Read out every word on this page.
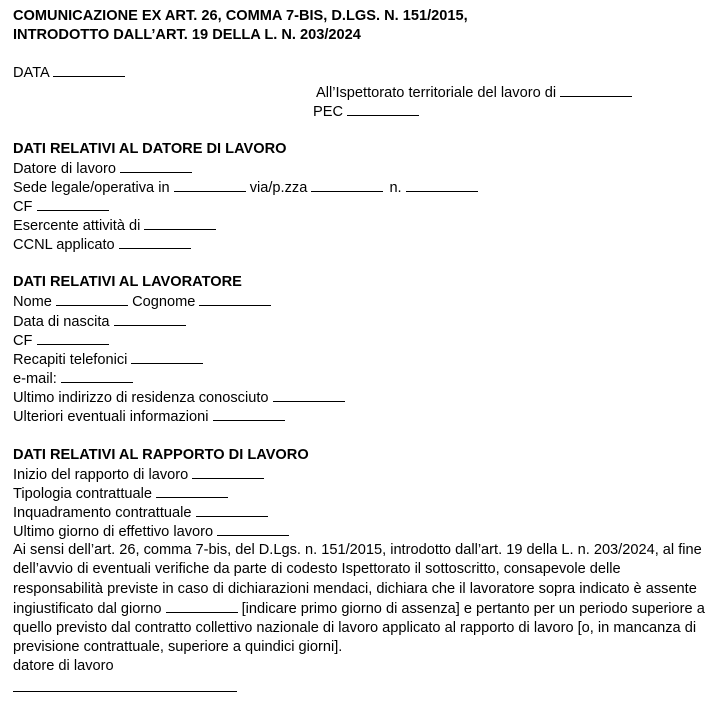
COMUNICAZIONE EX ART. 26, COMMA 7-BIS, D.LGS. N. 151/2015,
INTRODOTTO DALL’ART. 19 DELLA L. N. 203/2024
DATA
All’Ispettorato territoriale del lavoro di
PEC
DATI RELATIVI AL DATORE DI LAVORO
Datore di lavoro
Sede legale/operativa in	via/p.zza	n.
CF
Esercente attività di
CCNL applicato
DATI RELATIVI AL LAVORATORE
Nome	Cognome
Data di nascita
CF
Recapiti telefonici
e-mail:
Ultimo indirizzo di residenza conosciuto
Ulteriori eventuali informazioni
DATI RELATIVI AL RAPPORTO DI LAVORO
Inizio del rapporto di lavoro
Tipologia contrattuale
Inquadramento contrattuale
Ultimo giorno di effettivo lavoro
Ai sensi dell’art. 26, comma 7-bis, del D.Lgs. n. 151/2015, introdotto dall’art. 19 della L. n. 203/2024, al fine dell’avvio di eventuali verifiche da parte di codesto Ispettorato il sottoscritto, consapevole delle responsabilità previste in caso di dichiarazioni mendaci, dichiara che il lavoratore sopra indicato è assente ingiustificato dal giorno	[indicare primo giorno di assenza] e pertanto per un periodo superiore a quello previsto dal contratto collettivo nazionale di lavoro applicato al rapporto di lavoro [o, in mancanza di previsione contrattuale, superiore a quindici giorni].
datore di lavoro
